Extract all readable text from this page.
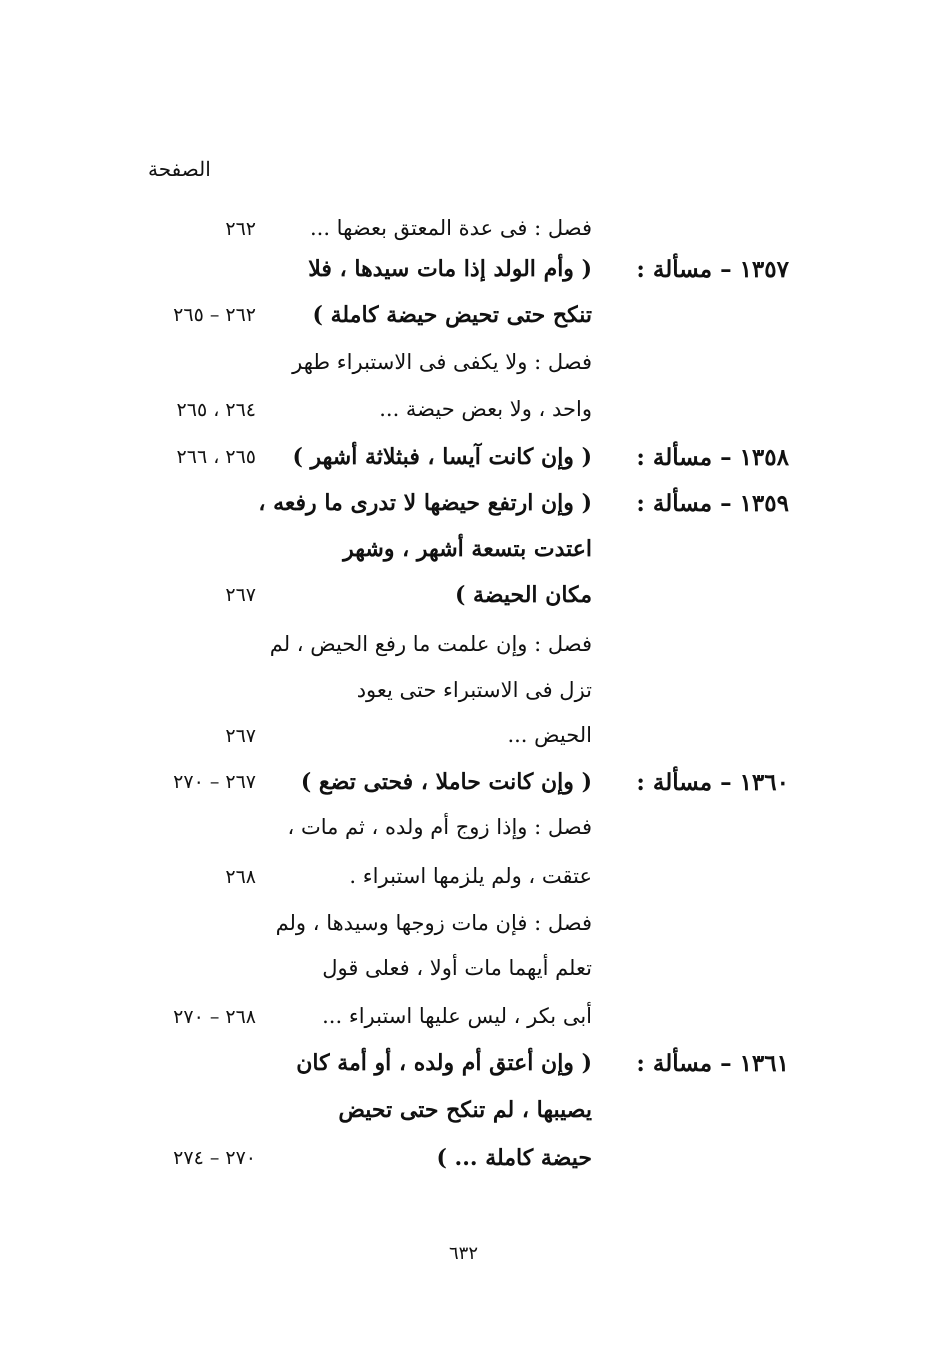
الصفحة
فصل : فى عدة المعتق بعضها ...
٢٦٢
١٣٥٧ – مسألة :
( وأم الولد إذا مات سيدها ، فلا
تنكح حتى تحيض حيضة كاملة )
٢٦٢ – ٢٦٥
فصل : ولا يكفى فى الاستبراء طهر
واحد ، ولا بعض حيضة ...
٢٦٤ ، ٢٦٥
١٣٥٨ – مسألة :
( وإن كانت آيسا ، فبثلاثة أشهر )
٢٦٥ ، ٢٦٦
١٣٥٩ – مسألة :
( وإن ارتفع حيضها لا تدرى ما رفعه ،
اعتدت بتسعة أشهر ، وشهر
مكان الحيضة )
٢٦٧
فصل : وإن علمت ما رفع الحيض ، لم
تزل فى الاستبراء حتى يعود
الحيض ...
٢٦٧
١٣٦٠ – مسألة :
( وإن كانت حاملا ، فحتى تضع )
٢٦٧ – ٢٧٠
فصل : وإذا زوج أم ولده ، ثم مات ،
عتقت ، ولم يلزمها استبراء .
٢٦٨
فصل : فإن مات زوجها وسيدها ، ولم
تعلم أيهما مات أولا ، فعلى قول
أبى بكر ، ليس عليها استبراء ...
٢٦٨ – ٢٧٠
١٣٦١ – مسألة :
( وإن أعتق أم ولده ، أو أمة كان
يصيبها ، لم تنكح حتى تحيض
حيضة كاملة ... )
٢٧٠ – ٢٧٤
٦٣٢
